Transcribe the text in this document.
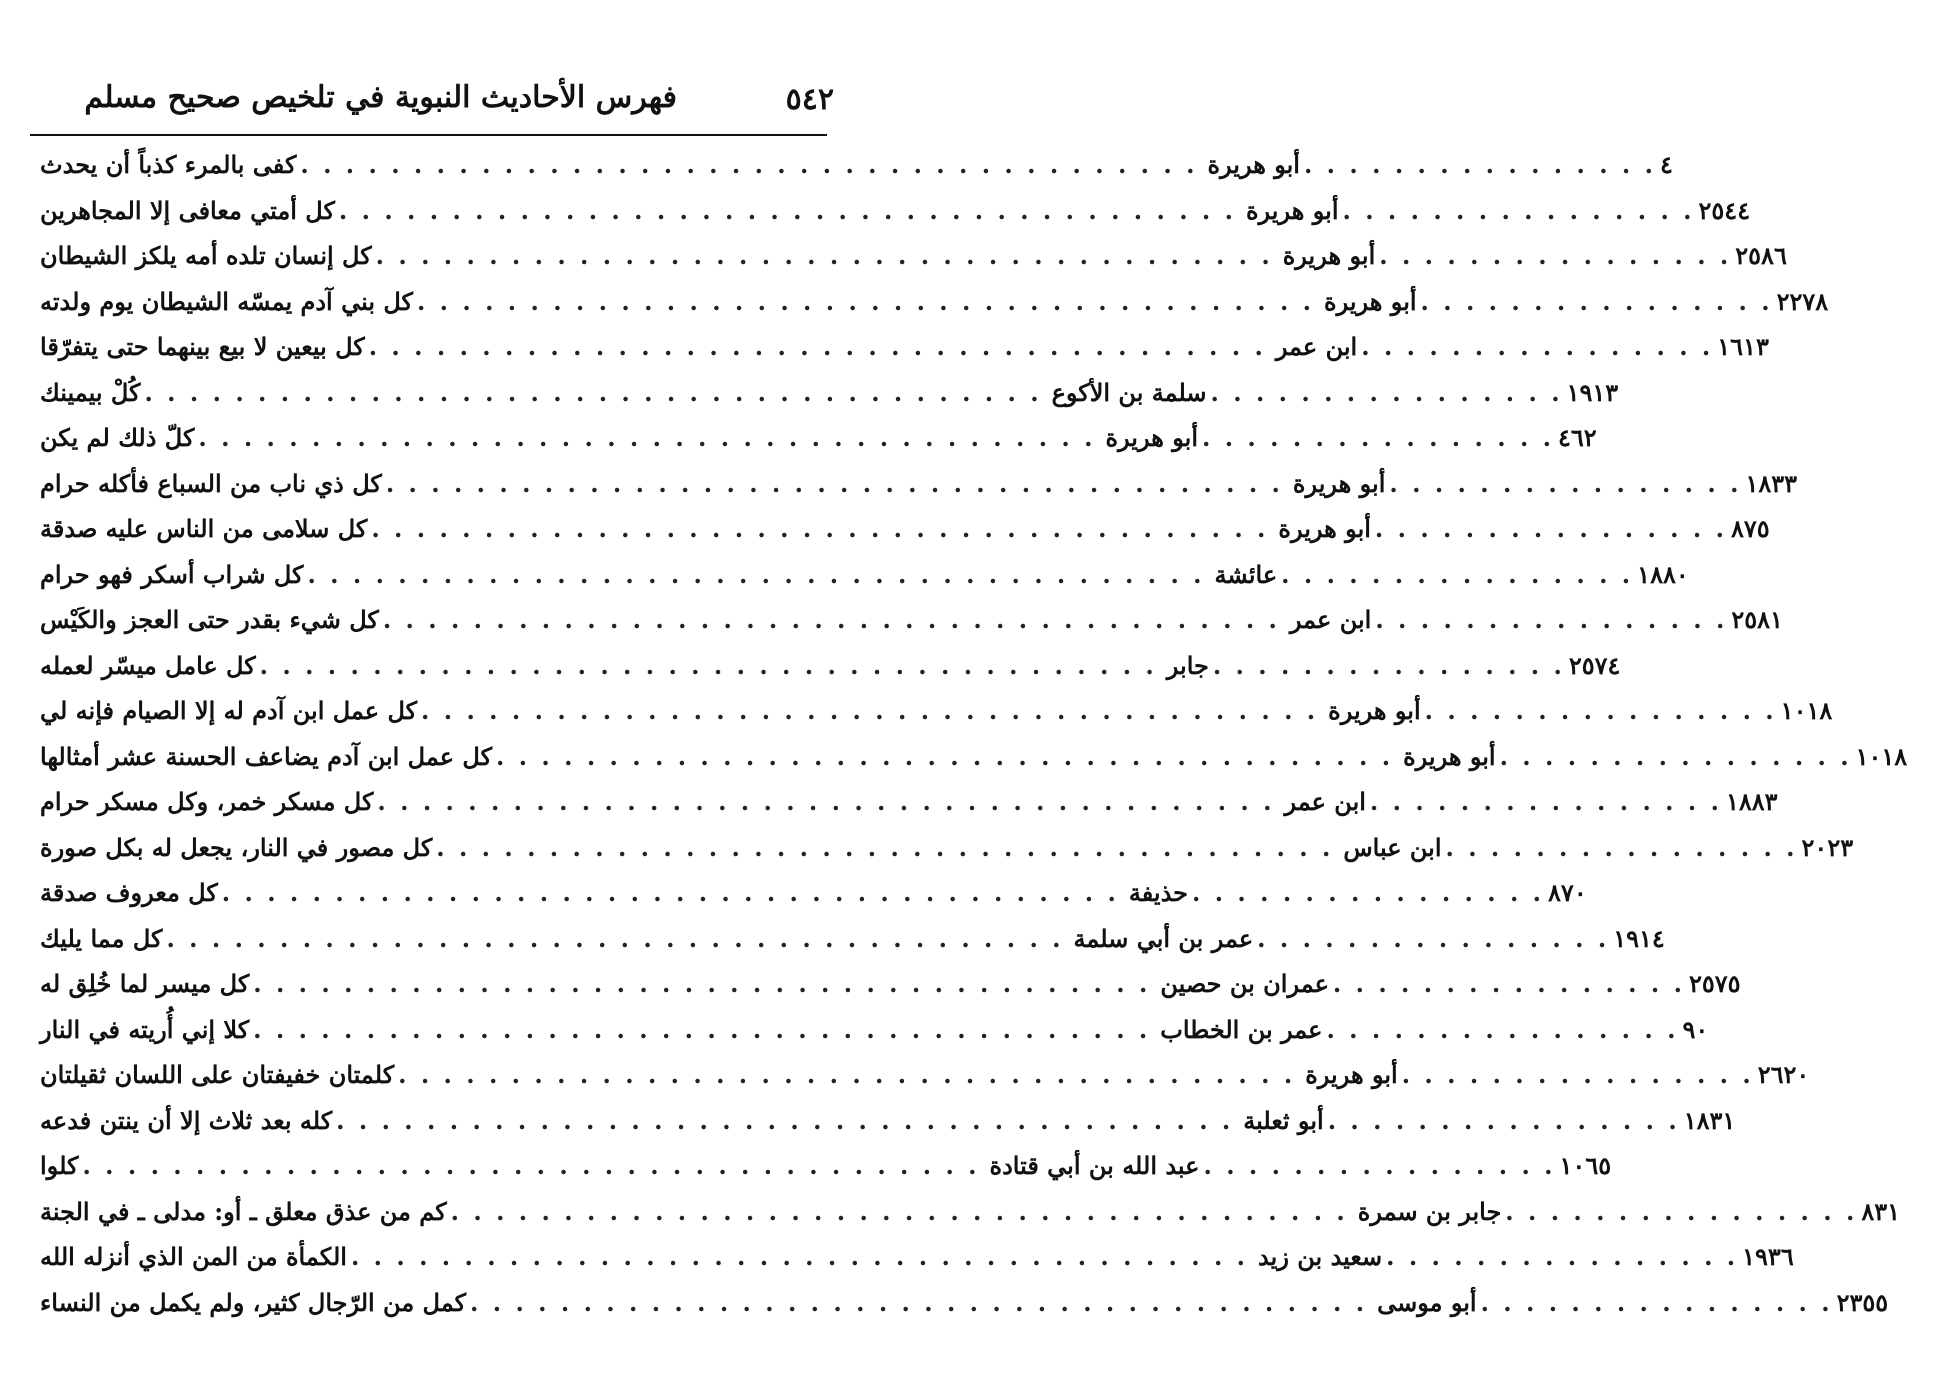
٥٤٢
فهرس الأحاديث النبوية في تلخيص صحيح مسلم
كفى بالمرء كذباً أن يحدث . . . . . . . . . . . . . . . . . . . . . . . . . . . . . . . . . . . . . . . . أبو هريرة . . . . . . . . . . . . . . . . ٤
كل أمتي معافى إلا المجاهرين . . . . . . . . . . . . . . . . . . . . . . . . . . . . . . . . . . . . . . . . أبو هريرة . . . . . . . . . . . . . . . . ٢٥٤٤
كل إنسان تلده أمه يلكز الشيطان . . . . . . . . . . . . . . . . . . . . . . . . . . . . . . . . . . . . . . . . أبو هريرة . . . . . . . . . . . . . . . . ٢٥٨٦
كل بني آدم يمسّه الشيطان يوم ولدته . . . . . . . . . . . . . . . . . . . . . . . . . . . . . . . . . . . . . . . . أبو هريرة . . . . . . . . . . . . . . . . ٢٢٧٨
كل بيعين لا بيع بينهما حتى يتفرّقا . . . . . . . . . . . . . . . . . . . . . . . . . . . . . . . . . . . . . . . . ابن عمر . . . . . . . . . . . . . . . . ١٦١٣
كُلْ بيمينك . . . . . . . . . . . . . . . . . . . . . . . . . . . . . . . . . . . . . . . . سلمة بن الأكوع . . . . . . . . . . . . . . . . ١٩١٣
كلّ ذلك لم يكن . . . . . . . . . . . . . . . . . . . . . . . . . . . . . . . . . . . . . . . . أبو هريرة . . . . . . . . . . . . . . . . ٤٦٢
كل ذي ناب من السباع فأكله حرام . . . . . . . . . . . . . . . . . . . . . . . . . . . . . . . . . . . . . . . . أبو هريرة . . . . . . . . . . . . . . . . ١٨٣٣
كل سلامى من الناس عليه صدقة . . . . . . . . . . . . . . . . . . . . . . . . . . . . . . . . . . . . . . . . أبو هريرة . . . . . . . . . . . . . . . . ٨٧٥
كل شراب أسكر فهو حرام . . . . . . . . . . . . . . . . . . . . . . . . . . . . . . . . . . . . . . . . عائشة . . . . . . . . . . . . . . . . ١٨٨٠
كل شيء بقدر حتى العجز والكَيْس . . . . . . . . . . . . . . . . . . . . . . . . . . . . . . . . . . . . . . . . ابن عمر . . . . . . . . . . . . . . . . ٢٥٨١
كل عامل ميسّر لعمله . . . . . . . . . . . . . . . . . . . . . . . . . . . . . . . . . . . . . . . . جابر . . . . . . . . . . . . . . . . ٢٥٧٤
كل عمل ابن آدم له إلا الصيام فإنه لي . . . . . . . . . . . . . . . . . . . . . . . . . . . . . . . . . . . . . . . . أبو هريرة . . . . . . . . . . . . . . . . ١٠١٨
كل عمل ابن آدم يضاعف الحسنة عشر أمثالها . . . . . . . . . . . . . . . . . . . . . . . . . . . . . . . . . . . . . . . . أبو هريرة . . . . . . . . . . . . . . . . ١٠١٨
كل مسكر خمر، وكل مسكر حرام . . . . . . . . . . . . . . . . . . . . . . . . . . . . . . . . . . . . . . . . ابن عمر . . . . . . . . . . . . . . . . ١٨٨٣
كل مصور في النار، يجعل له بكل صورة . . . . . . . . . . . . . . . . . . . . . . . . . . . . . . . . . . . . . . . . ابن عباس . . . . . . . . . . . . . . . . ٢٠٢٣
كل معروف صدقة . . . . . . . . . . . . . . . . . . . . . . . . . . . . . . . . . . . . . . . . حذيفة . . . . . . . . . . . . . . . . ٨٧٠
كل مما يليك . . . . . . . . . . . . . . . . . . . . . . . . . . . . . . . . . . . . . . . . عمر بن أبي سلمة . . . . . . . . . . . . . . . . ١٩١٤
كل ميسر لما خُلِق له . . . . . . . . . . . . . . . . . . . . . . . . . . . . . . . . . . . . . . . . عمران بن حصين . . . . . . . . . . . . . . . . ٢٥٧٥
كلا إني أُريته في النار . . . . . . . . . . . . . . . . . . . . . . . . . . . . . . . . . . . . . . . . عمر بن الخطاب . . . . . . . . . . . . . . . . ٩٠
كلمتان خفيفتان على اللسان ثقيلتان . . . . . . . . . . . . . . . . . . . . . . . . . . . . . . . . . . . . . . . . أبو هريرة . . . . . . . . . . . . . . . . ٢٦٢٠
كله بعد ثلاث إلا أن ينتن فدعه . . . . . . . . . . . . . . . . . . . . . . . . . . . . . . . . . . . . . . . . أبو ثعلبة . . . . . . . . . . . . . . . . ١٨٣١
كلوا . . . . . . . . . . . . . . . . . . . . . . . . . . . . . . . . . . . . . . . . عبد الله بن أبي قتادة . . . . . . . . . . . . . . . . ١٠٦٥
كم من عذق معلق ـ أو: مدلى ـ في الجنة . . . . . . . . . . . . . . . . . . . . . . . . . . . . . . . . . . . . . . . . جابر بن سمرة . . . . . . . . . . . . . . . . ٨٣١
الكمأة من المن الذي أنزله الله . . . . . . . . . . . . . . . . . . . . . . . . . . . . . . . . . . . . . . . . سعيد بن زيد . . . . . . . . . . . . . . . . ١٩٣٦
كمل من الرّجال كثير، ولم يكمل من النساء . . . . . . . . . . . . . . . . . . . . . . . . . . . . . . . . . . . . . . . . أبو موسى . . . . . . . . . . . . . . . . ٢٣٥٥
